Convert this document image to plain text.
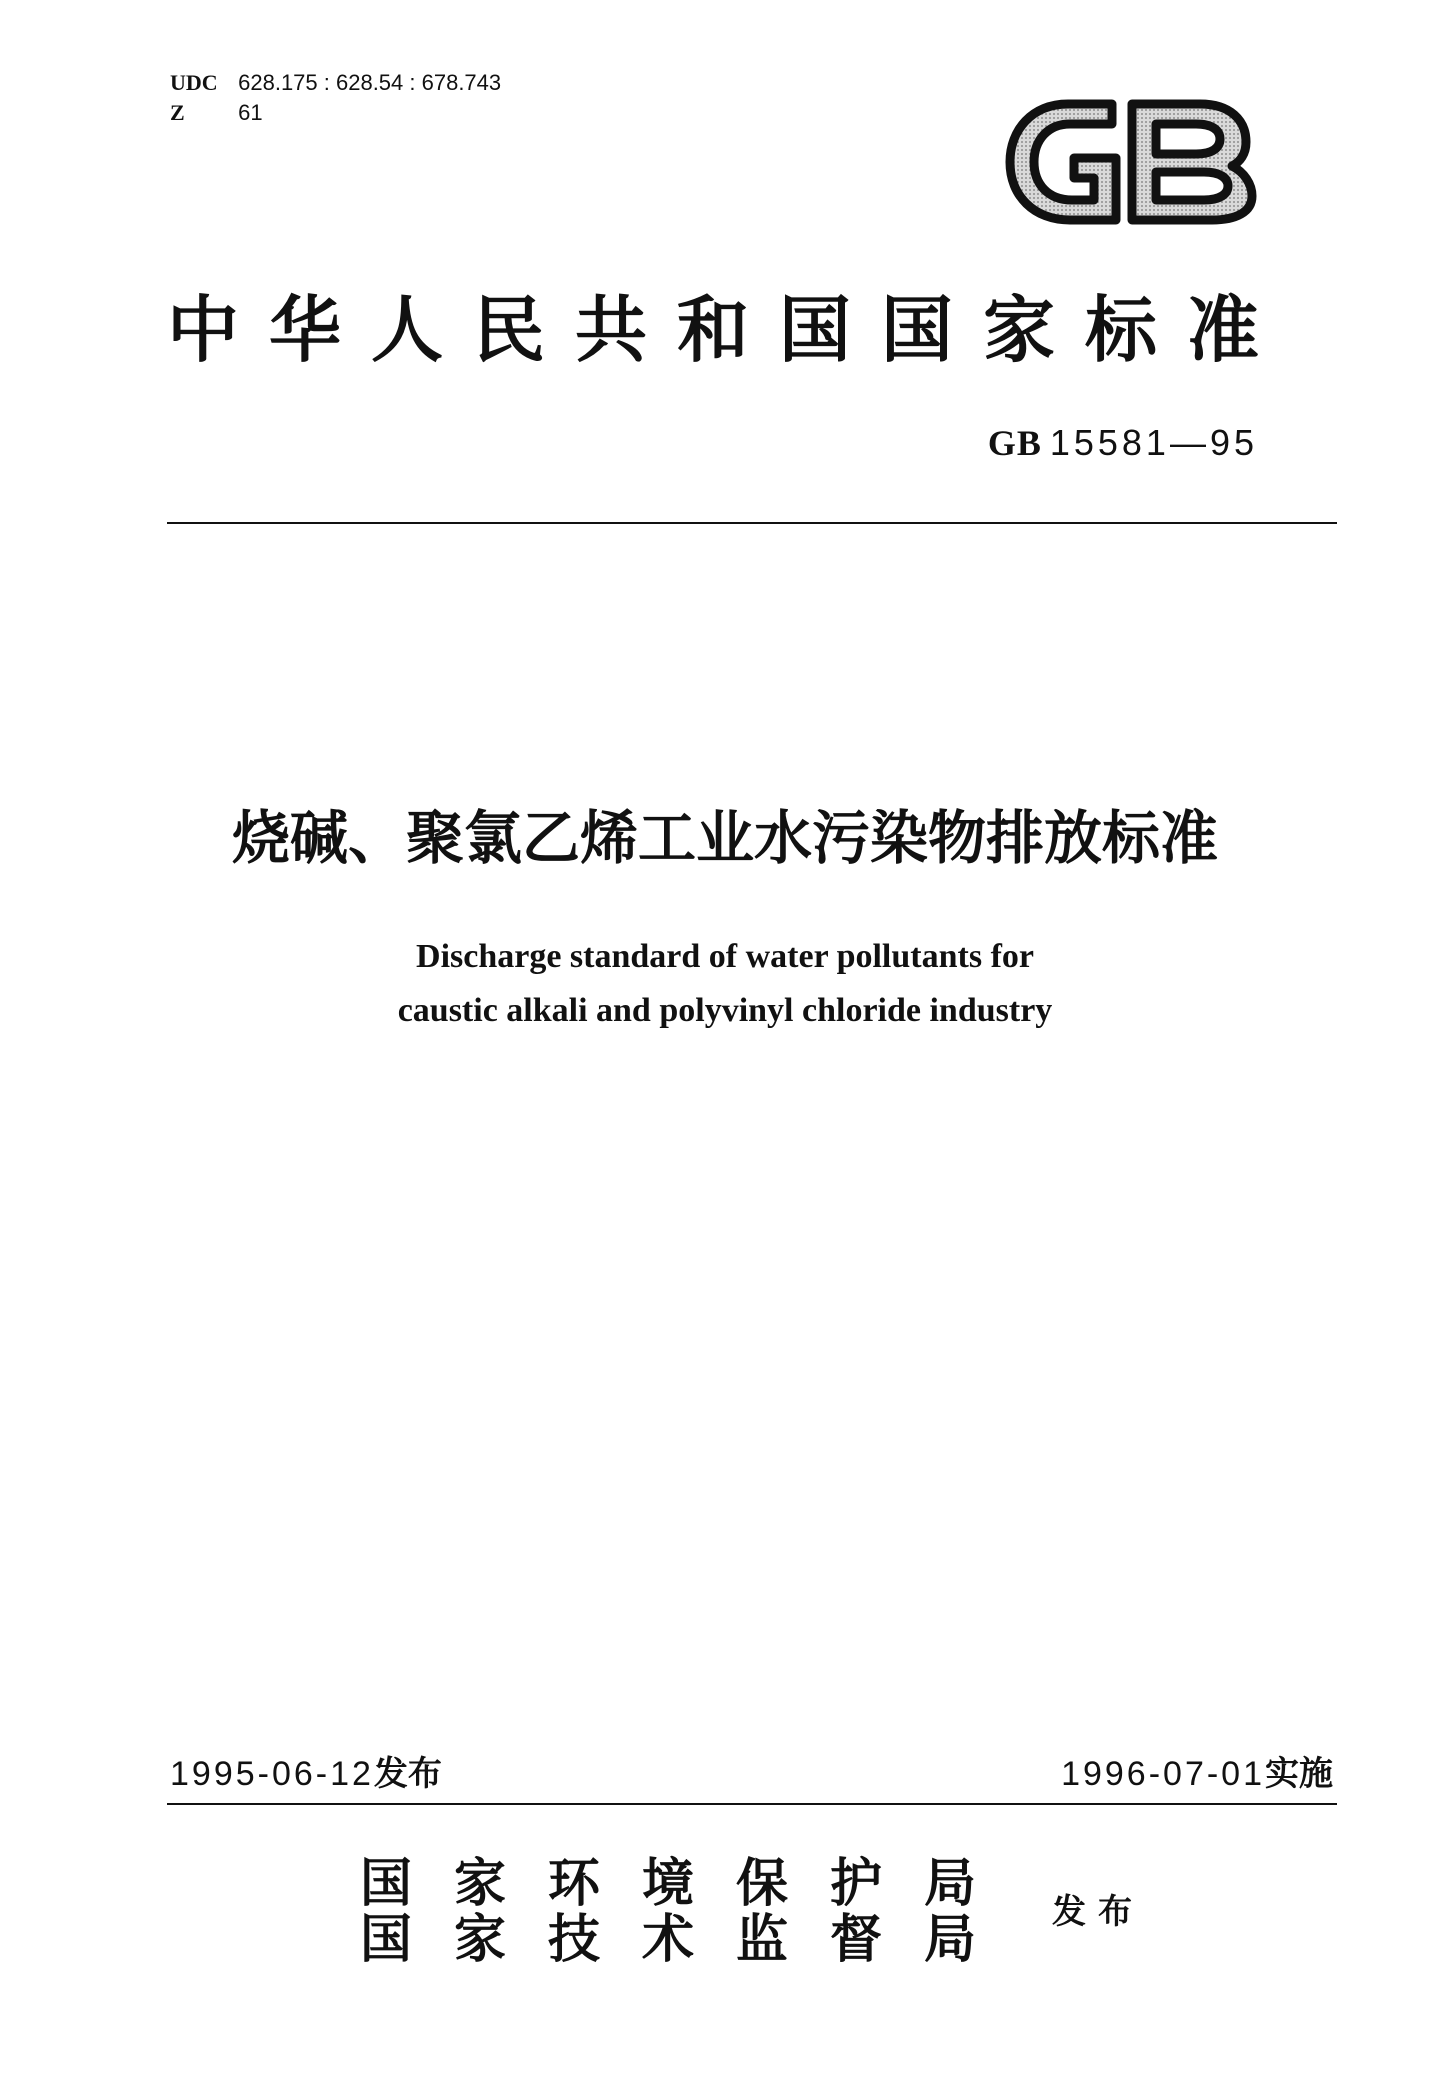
UDC 628.175 : 628.54 : 678.743
Z 61
中华人民共和国国家标准
GB 15581—95
烧碱、聚氯乙烯工业水污染物排放标准
Discharge standard of water pollutants for
caustic alkali and polyvinyl chloride industry
1995-06-12发布	1996-07-01实施
国家环境保护局
国家技术监督局 发布
